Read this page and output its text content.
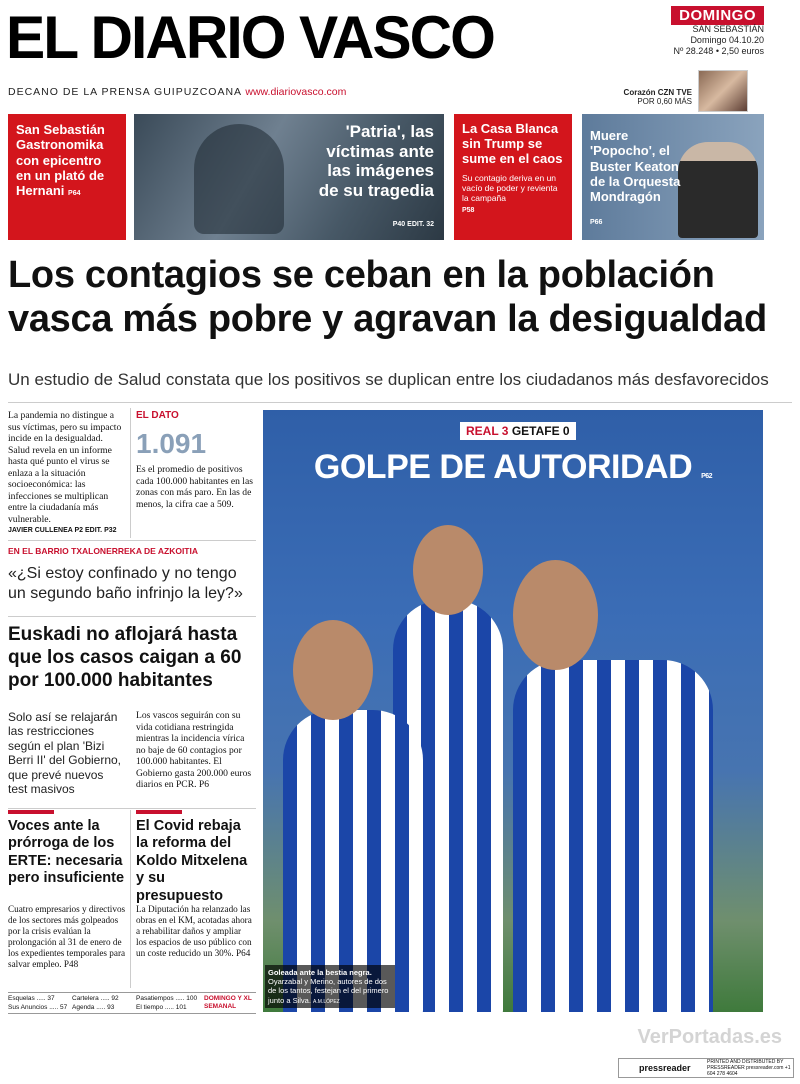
EL DIARIO VASCO
DECANO DE LA PRENSA GUIPUZCOANA www.diariovasco.com
DOMINGO
SAN SEBASTIÁN
Domingo 04.10.20
Nº 28.248 • 2,50 euros
Corazón CZN TVE
POR 0,60 MÁS
San Sebastián Gastronomika con epicentro en un plató de Hernani P64
'Patria', las víctimas ante las imágenes de su tragedia
P40 EDIT. 32
La Casa Blanca sin Trump se sume en el caos
Su contagio deriva en un vacío de poder y revienta la campaña
P58
Muere 'Popocho', el Buster Keaton de la Orquesta Mondragón
P66
Los contagios se ceban en la población vasca más pobre y agravan la desigualdad
Un estudio de Salud constata que los positivos se duplican entre los ciudadanos más desfavorecidos
La pandemia no distingue a sus víctimas, pero su impacto incide en la desigualdad. Salud revela en un informe hasta qué punto el virus se enlaza a la situación socioeconómica: las infecciones se multiplican entre la ciudadanía más vulnerable.
JAVIER CULLENEA P2 EDIT. P32
EL DATO
1.091
Es el promedio de positivos cada 100.000 habitantes en las zonas con más paro. En las de menos, la cifra cae a 509.
EN EL BARRIO TXALONERREKA DE AZKOITIA
«¿Si estoy confinado y no tengo un segundo baño infrinjo la ley?»
Euskadi no aflojará hasta que los casos caigan a 60 por 100.000 habitantes
Solo así se relajarán las restricciones según el plan 'Bizi Berri II' del Gobierno, que prevé nuevos test masivos
Los vascos seguirán con su vida cotidiana restringida mientras la incidencia vírica no baje de 60 contagios por 100.000 habitantes. El Gobierno gasta 200.000 euros diarios en PCR. P6
Voces ante la prórroga de los ERTE: necesaria pero insuficiente
Cuatro empresarios y directivos de los sectores más golpeados por la crisis evalúan la prolongación al 31 de enero de los expedientes temporales para salvar empleo. P48
El Covid rebaja la reforma del Koldo Mitxelena y su presupuesto
La Diputación ha relanzado las obras en el KM, acotadas ahora a rehabilitar daños y ampliar los espacios de uso público con un coste reducido un 30%. P64
Esquelas ..... 37
Sus Anuncios ..... 57
Cartelera ..... 92
Agenda ..... 93
Pasatiempos ..... 100
El tiempo ..... 101
DOMINGO Y XL SEMANAL
REAL 3 GETAFE 0
GOLPE DE AUTORIDAD P62
Goleada ante la bestia negra. Oyarzabal y Merino, autores de dos de los tantos, festejan el del primero junto a Silva. A.M.LÓPEZ
VerPortadas.es
pressreader
PRINTED AND DISTRIBUTED BY PRESSREADER pressreader.com +1 604 278 4604
